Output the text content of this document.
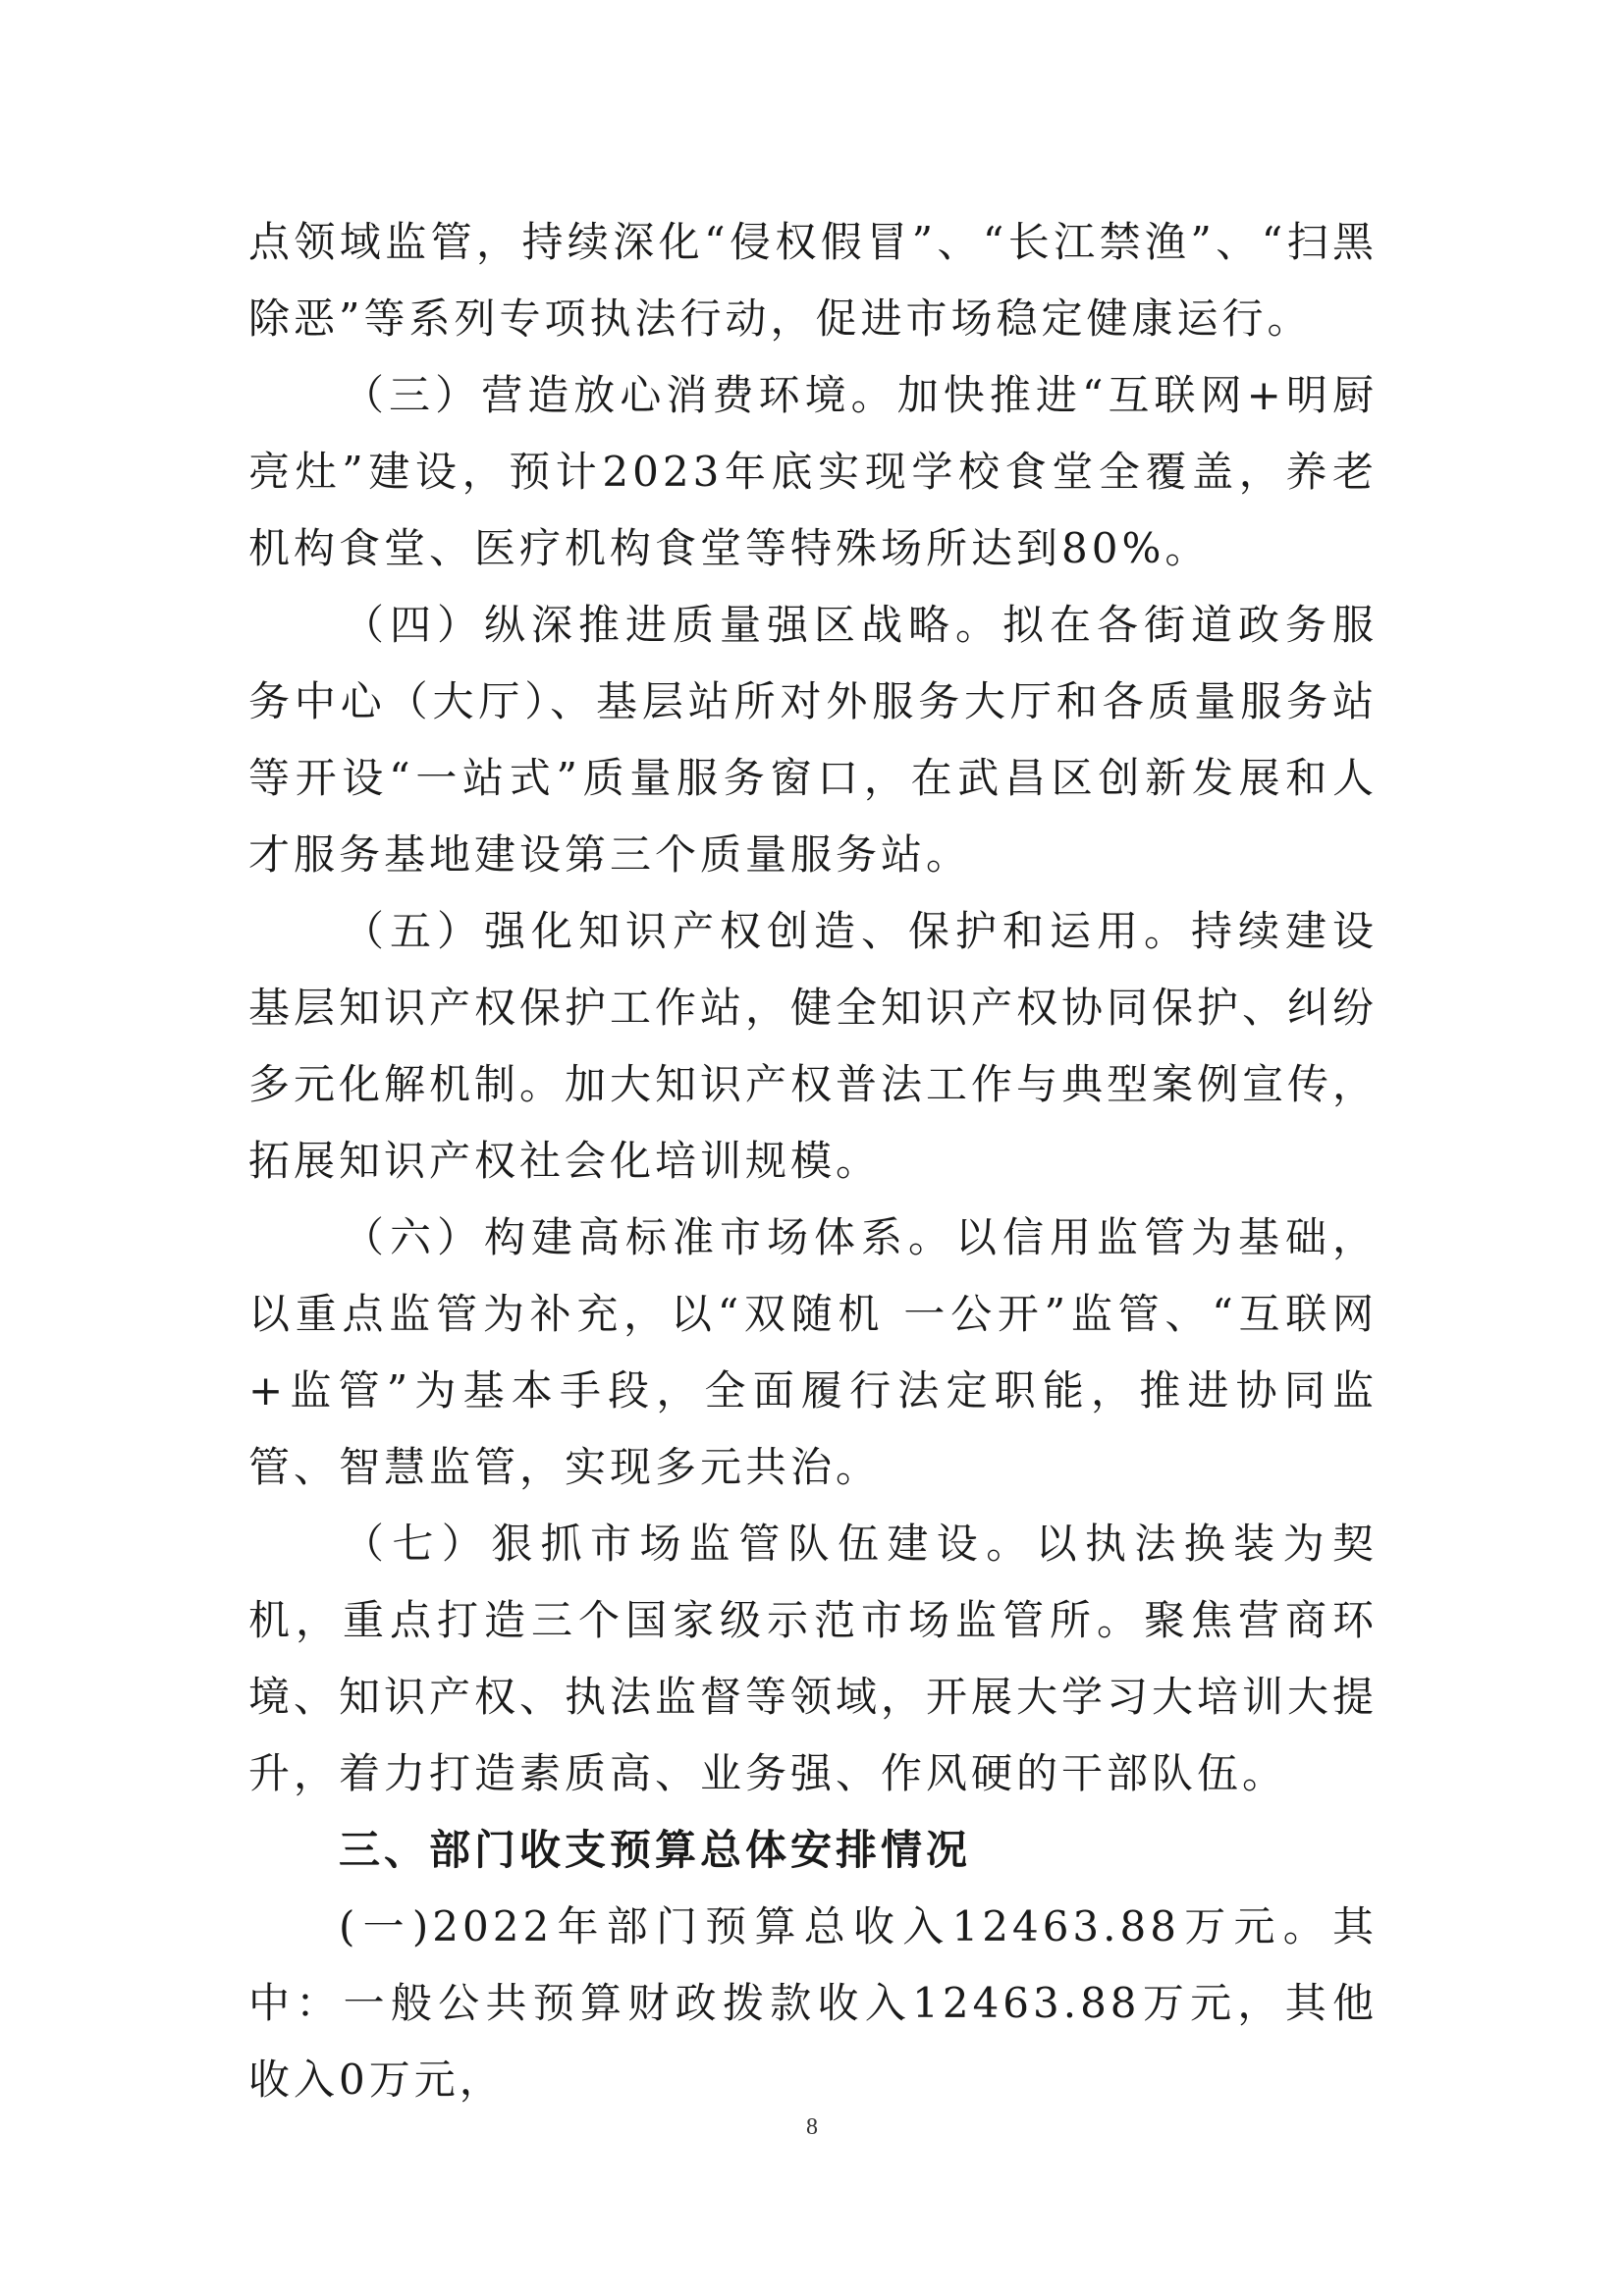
点领域监管，持续深化“侵权假冒”、“长江禁渔”、“扫黑除恶”等系列专项执法行动，促进市场稳定健康运行。

（三）营造放心消费环境。加快推进“互联网+明厨亮灶”建设，预计2023年底实现学校食堂全覆盖，养老机构食堂、医疗机构食堂等特殊场所达到80%。

（四）纵深推进质量强区战略。拟在各街道政务服务中心（大厅）、基层站所对外服务大厅和各质量服务站等开设“一站式”质量服务窗口，在武昌区创新发展和人才服务基地建设第三个质量服务站。

（五）强化知识产权创造、保护和运用。持续建设基层知识产权保护工作站，健全知识产权协同保护、纠纷多元化解机制。加大知识产权普法工作与典型案例宣传，拓展知识产权社会化培训规模。

（六）构建高标准市场体系。以信用监管为基础，以重点监管为补充，以“双随机 一公开”监管、“互联网+监管”为基本手段，全面履行法定职能，推进协同监管、智慧监管，实现多元共治。

（七）狠抓市场监管队伍建设。以执法换装为契机，重点打造三个国家级示范市场监管所。聚焦营商环境、知识产权、执法监督等领域，开展大学习大培训大提升，着力打造素质高、业务强、作风硬的干部队伍。

三、部门收支预算总体安排情况

(一)2022年部门预算总收入12463.88万元。其中：一般公共预算财政拨款收入12463.88万元，其他收入0万元，

8
